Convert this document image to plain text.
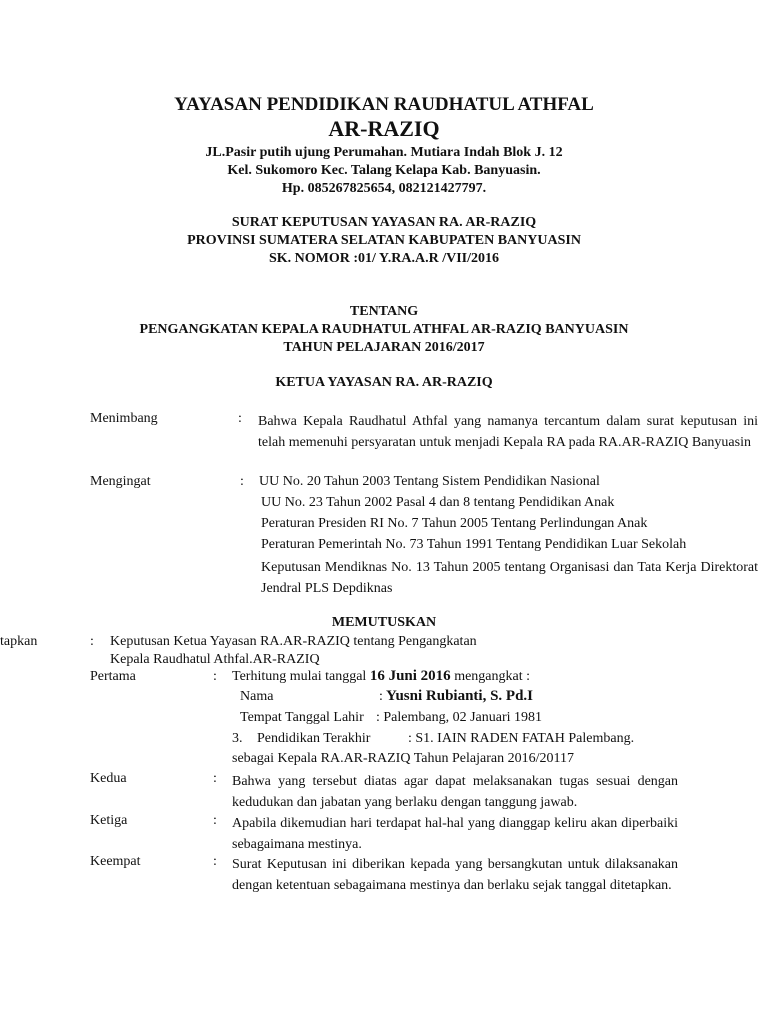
YAYASAN PENDIDIKAN RAUDHATUL ATHFAL
AR-RAZIQ
JL.Pasir putih ujung Perumahan. Mutiara Indah Blok J. 12
Kel. Sukomoro Kec. Talang Kelapa Kab. Banyuasin.
Hp. 085267825654, 082121427797.
SURAT KEPUTUSAN YAYASAN RA. AR-RAZIQ
PROVINSI SUMATERA SELATAN KABUPATEN BANYUASIN
SK. NOMOR :01/ Y.RA.A.R /VII/2016
TENTANG
PENGANGKATAN KEPALA RAUDHATUL ATHFAL AR-RAZIQ BANYUASIN
TAHUN PELAJARAN 2016/2017
KETUA YAYASAN RA. AR-RAZIQ
Menimbang	: Bahwa Kepala Raudhatul Athfal yang namanya tercantum dalam surat keputusan ini telah memenuhi persyaratan untuk menjadi Kepala RA pada RA.AR-RAZIQ Banyuasin
Mengingat	: UU No. 20 Tahun 2003 Tentang Sistem Pendidikan Nasional
UU No. 23 Tahun 2002 Pasal 4 dan 8 tentang Pendidikan Anak
Peraturan Presiden RI No. 7 Tahun 2005 Tentang Perlindungan Anak
Peraturan Pemerintah No. 73 Tahun 1991 Tentang Pendidikan Luar Sekolah
Keputusan Mendiknas No. 13 Tahun 2005 tentang Organisasi dan Tata Kerja Direktorat Jendral PLS Depdiknas
MEMUTUSKAN
tapkan	: Keputusan Ketua Yayasan RA.AR-RAZIQ tentang Pengangkatan
Kepala Raudhatul Athfal.AR-RAZIQ
Pertama	: Terhitung mulai tanggal 16 Juni 2016 mengangkat :
Nama	: Yusni Rubianti, S. Pd.I
Tempat Tanggal Lahir : Palembang, 02 Januari 1981
3. Pendidikan Terakhir	: S1. IAIN RADEN FATAH Palembang.
sebagai Kepala RA.AR-RAZIQ Tahun Pelajaran 2016/20117
Kedua	: Bahwa yang tersebut diatas agar dapat melaksanakan tugas sesuai dengan kedudukan dan jabatan yang berlaku dengan tanggung jawab.
Ketiga	: Apabila dikemudian hari terdapat hal-hal yang dianggap keliru akan diperbaiki sebagaimana mestinya.
Keempat	: Surat Keputusan ini diberikan kepada yang bersangkutan untuk dilaksanakan dengan ketentuan sebagaimana mestinya dan berlaku sejak tanggal ditetapkan.
